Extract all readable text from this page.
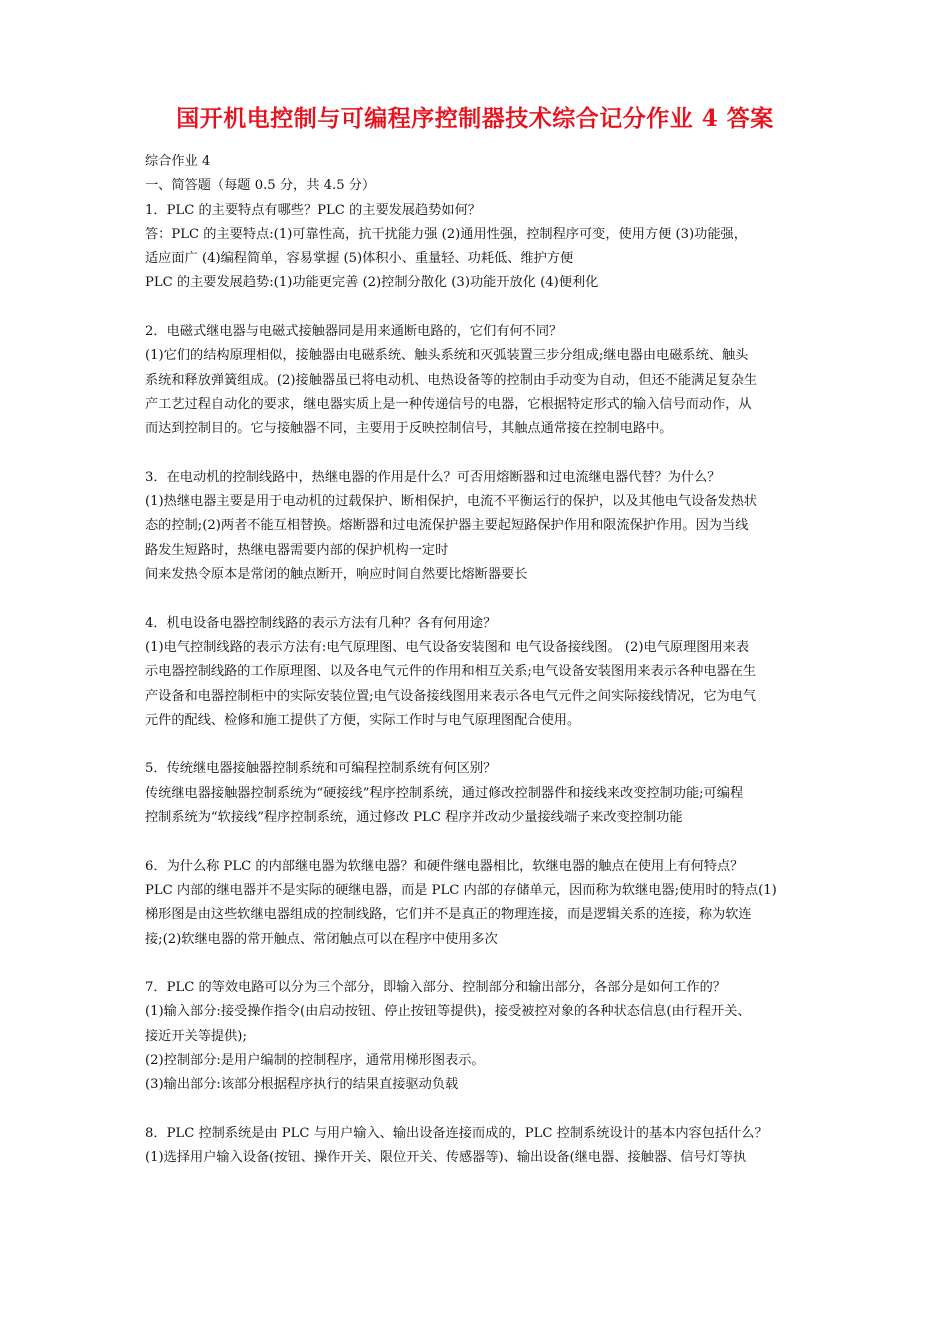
国开机电控制与可编程序控制器技术综合记分作业 4 答案

综合作业 4

一、简答题（每题 0.5 分，共 4.5 分）

1．PLC 的主要特点有哪些？PLC 的主要发展趋势如何？

答：PLC 的主要特点:(1)可靠性高，抗干扰能力强 (2)通用性强，控制程序可变，使用方便 (3)功能强，

适应面广 (4)编程简单，容易掌握 (5)体积小、重量轻、功耗低、维护方便

PLC 的主要发展趋势:(1)功能更完善 (2)控制分散化 (3)功能开放化 (4)便利化

2．电磁式继电器与电磁式接触器同是用来通断电路的，它们有何不同？

(1)它们的结构原理相似，接触器由电磁系统、触头系统和灭弧装置三步分组成;继电器由电磁系统、触头

系统和释放弹簧组成。(2)接触器虽已将电动机、电热设备等的控制由手动变为自动，但还不能满足复杂生

产工艺过程自动化的要求，继电器实质上是一种传递信号的电器，它根据特定形式的输入信号而动作，从

而达到控制目的。它与接触器不同，主要用于反映控制信号，其触点通常接在控制电路中。

3．在电动机的控制线路中，热继电器的作用是什么？可否用熔断器和过电流继电器代替？为什么？

(1)热继电器主要是用于电动机的过载保护、断相保护，电流不平衡运行的保护，以及其他电气设备发热状

态的控制;(2)两者不能互相替换。熔断器和过电流保护器主要起短路保护作用和限流保护作用。因为当线

路发生短路时，热继电器需要内部的保护机构一定时

间来发热令原本是常闭的触点断开，响应时间自然要比熔断器要长

4．机电设备电器控制线路的表示方法有几种？各有何用途？

(1)电气控制线路的表示方法有:电气原理图、电气设备安装图和 电气设备接线图。 (2)电气原理图用来表

示电器控制线路的工作原理图、以及各电气元件的作用和相互关系;电气设备安装图用来表示各种电器在生

产设备和电器控制柜中的实际安装位置;电气设备接线图用来表示各电气元件之间实际接线情况，它为电气

元件的配线、检修和施工提供了方便，实际工作时与电气原理图配合使用。

5．传统继电器接触器控制系统和可编程控制系统有何区别？

传统继电器接触器控制系统为“硬接线”程序控制系统，通过修改控制器件和接线来改变控制功能;可编程

控制系统为“软接线”程序控制系统，通过修改 PLC 程序并改动少量接线端子来改变控制功能

6．为什么称 PLC 的内部继电器为软继电器？和硬件继电器相比，软继电器的触点在使用上有何特点？

PLC 内部的继电器并不是实际的硬继电器，而是 PLC 内部的存储单元，因而称为软继电器;使用时的特点(1)

梯形图是由这些软继电器组成的控制线路，它们并不是真正的物理连接，而是逻辑关系的连接，称为软连

接;(2)软继电器的常开触点、常闭触点可以在程序中使用多次

7．PLC 的等效电路可以分为三个部分，即输入部分、控制部分和输出部分，各部分是如何工作的？

(1)输入部分:接受操作指令(由启动按钮、停止按钮等提供)，接受被控对象的各种状态信息(由行程开关、

接近开关等提供);

(2)控制部分:是用户编制的控制程序，通常用梯形图表示。

(3)输出部分:该部分根据程序执行的结果直接驱动负载

8．PLC 控制系统是由 PLC 与用户输入、输出设备连接而成的，PLC 控制系统设计的基本内容包括什么？

(1)选择用户输入设备(按钮、操作开关、限位开关、传感器等)、输出设备(继电器、接触器、信号灯等执
